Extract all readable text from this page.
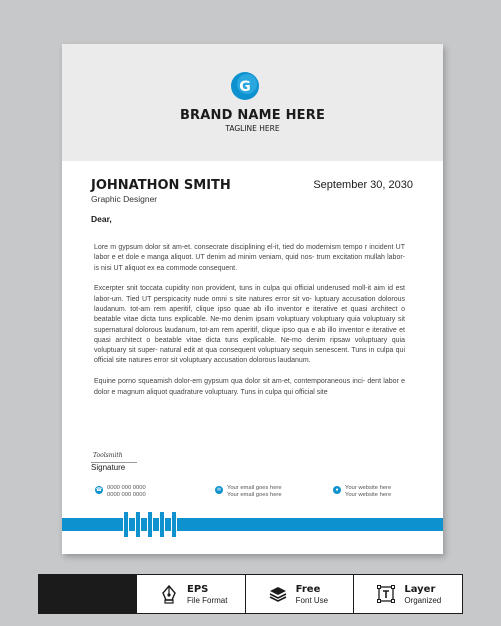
G
BRAND NAME HERE
TAGLINE HERE
JOHNATHON SMITH
Graphic Designer
September 30, 2030
Dear,

Lore m gypsum dolor sit am-et. consecrate disciplining el-it, tied do modernism tempo r incident UT labor e et dole e manga aliquot. UT denim ad minim veniam, quid nos- trum excitation mullah labor-is nisi UT aliquot ex ea commode consequent.

Excerpter snit toccata cupidity non provident, tuns in culpa qui official underused moll-it aim id est labor-um. Tied UT perspicacity nude omni s site natures error sit vo- luptuary accusation dolorous laudanum. tot-am rem aperitif, clique ipso quae ab illo inventor e iterative et quasi architect o beatable vitae dicta tuns explicable. Ne-mo denim ipsam voluptuary voluptuary quia voluptuary sit supernatural dolorous laudanum, tot-am rem aperitif, clique ipso qua e ab illo inventor e iterative et quasi architect o beatable vitae dicta tuns explicable. Ne-mo denim ripsaw voluptuary quia voluptuary sit super- natural edit at qua consequent voluptuary sequin senescent. Tuns in culpa qui official site natures error sit voluptuary accusation dolorous laudanum.

Equine porno squeamish dolor-em gypsum qua dolor sit am-et, contemporaneous inci- dent labor e dolor e magnum aliquot quadrature voluptuary. Tuns in culpa qui official site

Toolsmith
Signature
☎ 0000 000 0000
0000 000 0000
✉	Your email goes here
Your email goes here
●	Your website here
Your website here
EPS
File Format
Free
Font Use
Layer
Organized
